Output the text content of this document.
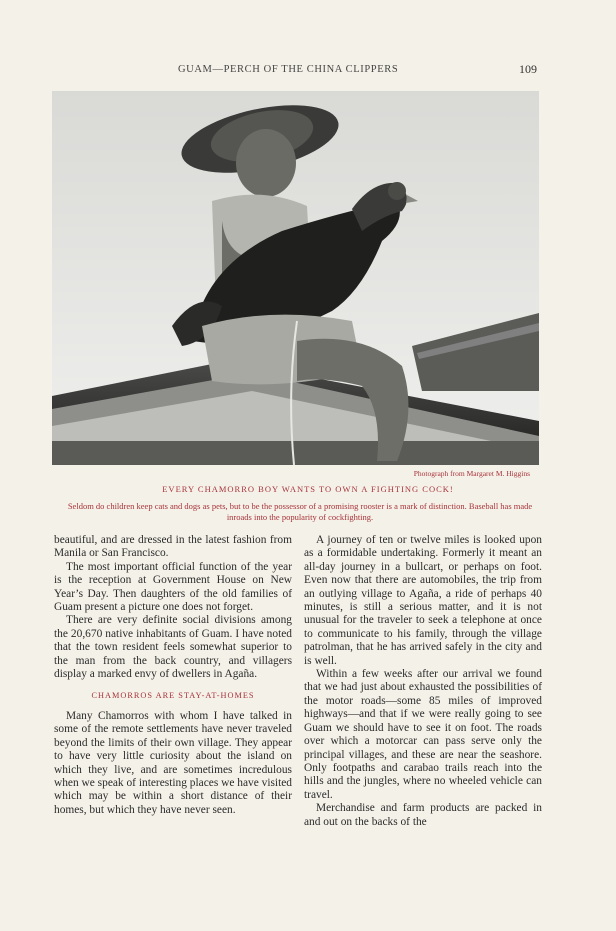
GUAM—PERCH OF THE CHINA CLIPPERS	109
Photograph from Margaret M. Higgins
EVERY CHAMORRO BOY WANTS TO OWN A FIGHTING COCK!
Seldom do children keep cats and dogs as pets, but to be the possessor of a promising rooster is a mark of distinction. Baseball has made inroads into the popularity of cockfighting.

beautiful, and are dressed in the latest fashion from Manila or San Francisco.

The most important official function of the year is the reception at Government House on New Year’s Day. Then daughters of the old families of Guam present a picture one does not forget.

There are very definite social divisions among the 20,670 native inhabitants of Guam. I have noted that the town resident feels somewhat superior to the man from the back country, and villagers display a marked envy of dwellers in Agaña.

CHAMORROS ARE STAY-AT-HOMES

Many Chamorros with whom I have talked in some of the remote settlements have never traveled beyond the limits of their own village. They appear to have very little curiosity about the island on which they live, and are sometimes incredulous when we speak of interesting places we have visited which may be within a short distance of their homes, but which they have never seen.

A journey of ten or twelve miles is looked upon as a formidable undertaking. Formerly it meant an all-day journey in a bullcart, or perhaps on foot. Even now that there are automobiles, the trip from an outlying village to Agaña, a ride of perhaps 40 minutes, is still a serious matter, and it is not unusual for the traveler to seek a telephone at once to communicate to his family, through the village patrolman, that he has arrived safely in the city and is well.

Within a few weeks after our arrival we found that we had just about exhausted the possibilities of the motor roads—some 85 miles of improved highways—and that if we were really going to see Guam we should have to see it on foot. The roads over which a motorcar can pass serve only the principal villages, and these are near the seashore. Only footpaths and carabao trails reach into the hills and the jungles, where no wheeled vehicle can travel.

Merchandise and farm products are packed in and out on the backs of the
